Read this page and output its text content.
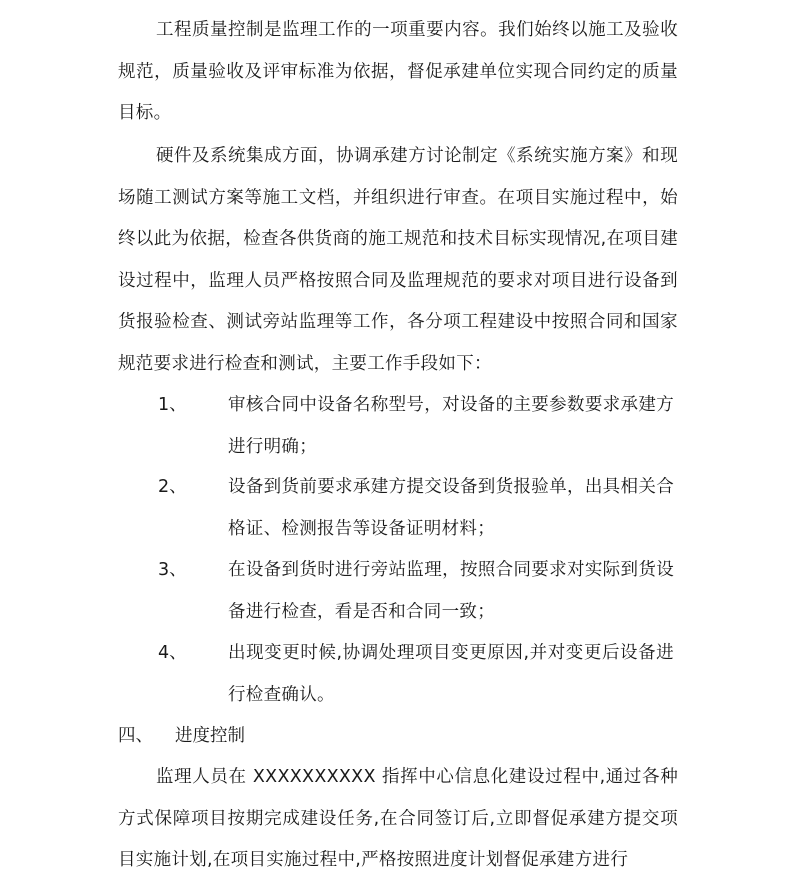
工程质量控制是监理工作的一项重要内容。我们始终以施工及验收规范，质量验收及评审标准为依据，督促承建单位实现合同约定的质量目标。

硬件及系统集成方面，协调承建方讨论制定《系统实施方案》和现场随工测试方案等施工文档，并组织进行审查。在项目实施过程中，始终以此为依据，检查各供货商的施工规范和技术目标实现情况,在项目建设过程中，监理人员严格按照合同及监理规范的要求对项目进行设备到货报验检查、测试旁站监理等工作，各分项工程建设中按照合同和国家规范要求进行检查和测试，主要工作手段如下：

1、 审核合同中设备名称型号，对设备的主要参数要求承建方进行明确；

2、 设备到货前要求承建方提交设备到货报验单，出具相关合格证、检测报告等设备证明材料；

3、 在设备到货时进行旁站监理，按照合同要求对实际到货设备进行检查，看是否和合同一致；

4、 出现变更时候,协调处理项目变更原因,并对变更后设备进行检查确认。

四、 进度控制

监理人员在 XXXXXXXXXX 指挥中心信息化建设过程中,通过各种方式保障项目按期完成建设任务,在合同签订后,立即督促承建方提交项目实施计划,在项目实施过程中,严格按照进度计划督促承建方进行
